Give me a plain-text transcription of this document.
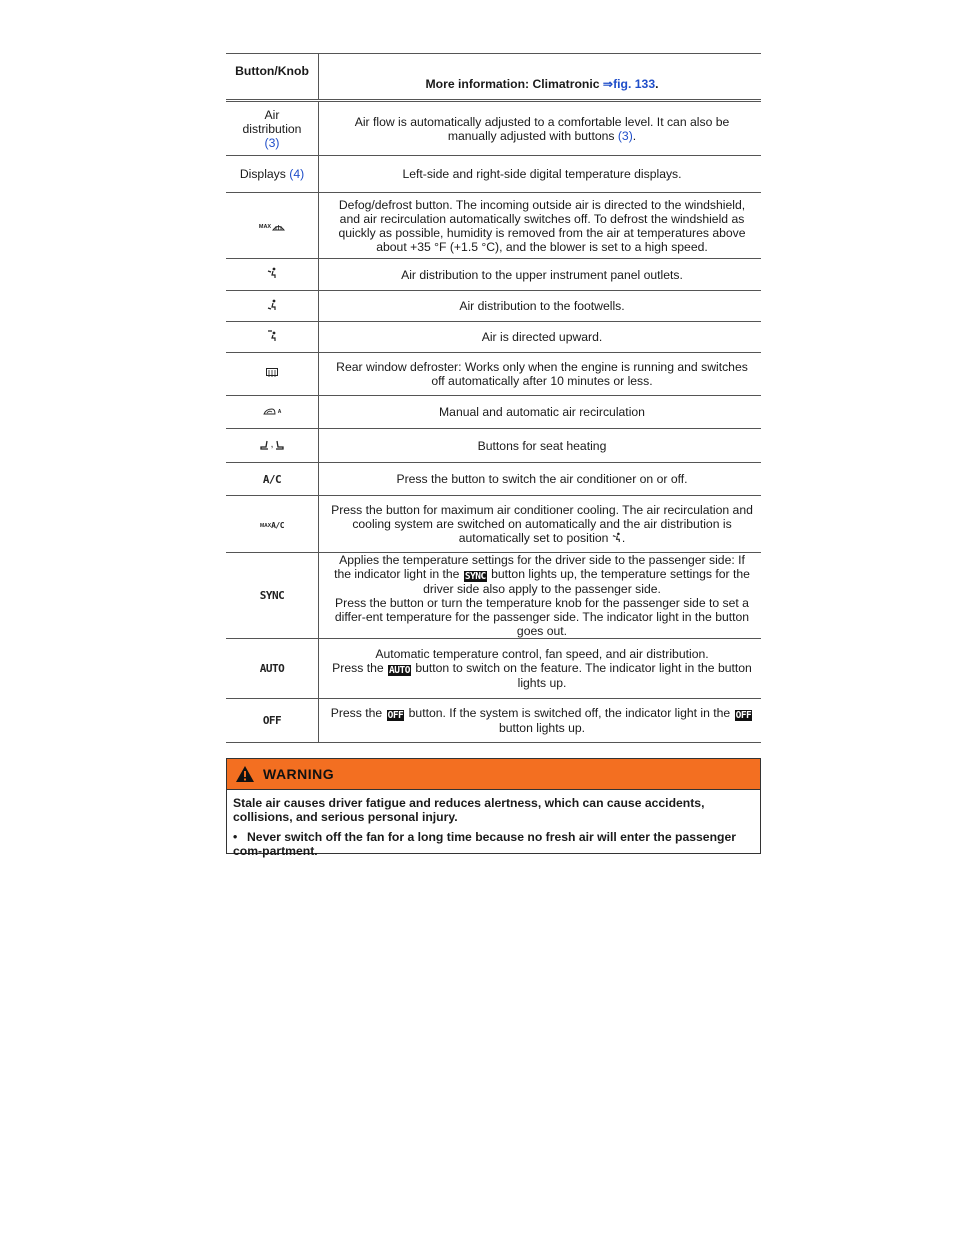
Button/Knob	More information: Climatronic ⇒fig. 133.
Air
distribution
(3)	Air flow is automatically adjusted to a comfortable level. It can also be manually adjusted with buttons (3).
Displays (4)	Left-side and right-side digital temperature displays.

MAX	Defog/defrost button. The incoming outside air is directed to the windshield, and air recirculation automatically switches off. To defrost the windshield as quickly as possible, humidity is removed from the air at temperatures above about +35 °F (+1.5 °C), and the blower is set to a high speed.

	Air distribution to the upper instrument panel outlets.

	Air distribution to the footwells.

	Air is directed upward.

	Rear window defroster: Works only when the engine is running and switches off automatically after 10 minutes or less.

A	Manual and automatic air recirculation

,	Buttons for seat heating
A/C	Press the button to switch the air conditioner on or off.

MAX A/C	Press the button for maximum air conditioner cooling. The air recirculation and cooling system are switched on automatically and the air distribution is automatically set to position .
SYNC	Applies the temperature settings for the driver side to the passenger side: If the indicator light in the SYNC button lights up, the temperature settings for the driver side also apply to the passenger side.
Press the button or turn the temperature knob for the passenger side to set a differ-ent temperature for the passenger side. The indicator light in the button goes out.
AUTO	Automatic temperature control, fan speed, and air distribution.
Press the AUTO button to switch on the feature. The indicator light in the button lights up.
OFF	Press the OFF button. If the system is switched off, the indicator light in the OFF button lights up.
WARNING

Stale air causes driver fatigue and reduces alertness, which can cause accidents, collisions, and serious personal injury.

• Never switch off the fan for a long time because no fresh air will enter the passenger com-partment.
